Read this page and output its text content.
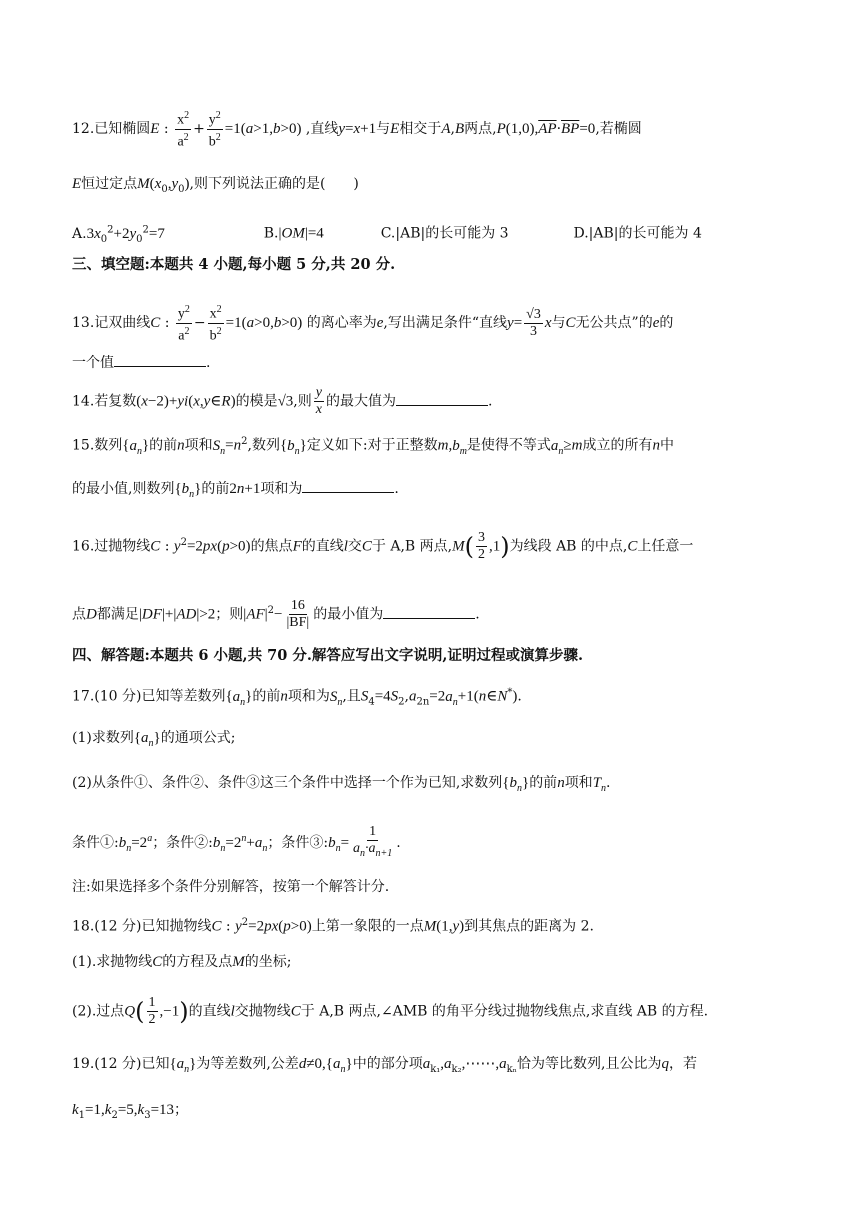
12.已知椭圆E : $\frac{x^2}{a^2} + \frac{y^2}{b^2} =1(a>1,b>0)$ ,直线y=x+1与E相交于A,B两点$,P(1,0),\overline{AP}\cdot\overline{BP}=0$,若椭圆
E恒过定点$M(x_0,y_0)$,则下列说法正确的是(　　)
$A.3x_0^2+2y_0^2=7$	B.|OM|=4	C.|AB|的长可能为 3	D.|AB|的长可能为 4
三、填空题:本题共 4 小题,每小题 5 分,共 20 分.
13.记双曲线C : $\frac{y^2}{a^2} - \frac{x^2}{b^2} =1(a>0,b>0)$ 的离心率为e,写出满足条件“直线$y= \frac{√3}{3}$ x与C无公共点”的e的
一个值	.
14.若复数(x−2)+yi(x,y∈R)的模是√3,则 $\frac{y}{x}$ 的最大值为	.
15.数列$\{a_n\}$的前n项和$S_n=n^2$,数列$\{b_n\}$定义如下:对于正整数$m,b_m$是使得不等式$a_n\ge m$成立的所有n中
的最小值,则数列$\{b_n\}$的前2n+1项和为	.
16.过抛物线C : $y^2=2px(p>0)$的焦点F的直线l交C于 A,B 两点$,M( \frac{3}{2} ,1)$为线段 AB 的中点,C上任意一
点D都满足|DF|+|AD|>2；则$|AF|^2- \frac{16}{|BF|}$ 的最小值为	.
四、解答题:本题共 6 小题,共 70 分.解答应写出文字说明,证明过程或演算步骤.
17.(10 分)已知等差数列$\{a_n\}$的前n项和为$S_n$,且$S_4=4S_2,a_{2n}=2a_n+1(n\in N^*)$.
(1)求数列$\{a_n\}$的通项公式;
(2)从条件①、条件②、条件③这三个条件中选择一个作为已知,求数列$\{b_n\}$的前n项和$T_n$.
条件$①:b_n=2^a$；条件$②:b_n=2^n+a_n$；条件$③:b_n= \frac{1}{a_n\cdot a_{n+1}}$ .
注:如果选择多个条件分别解答，按第一个解答计分.
18.(12 分)已知抛物线C : $y^2=2px(p>0)$上第一象限的一点M(1,y)到其焦点的距离为 2.
(1).求抛物线C的方程及点M的坐标;
(2).过点$Q( \frac{1}{2} ,-1)$的直线l交抛物线C于 A,B 两点,∠AMB 的角平分线过抛物线焦点,求直线 AB 的方程.
19.(12 分)已知$\{a_n\}$为等差数列,公差$d\ne 0,\{a_n\}$中的部分项$a_{k_1},a_{k_2},\cdots\cdots,a_{k_n}$恰为等比数列,且公比为q，若
$k_1=1,k_2=5,k_3=13$；
